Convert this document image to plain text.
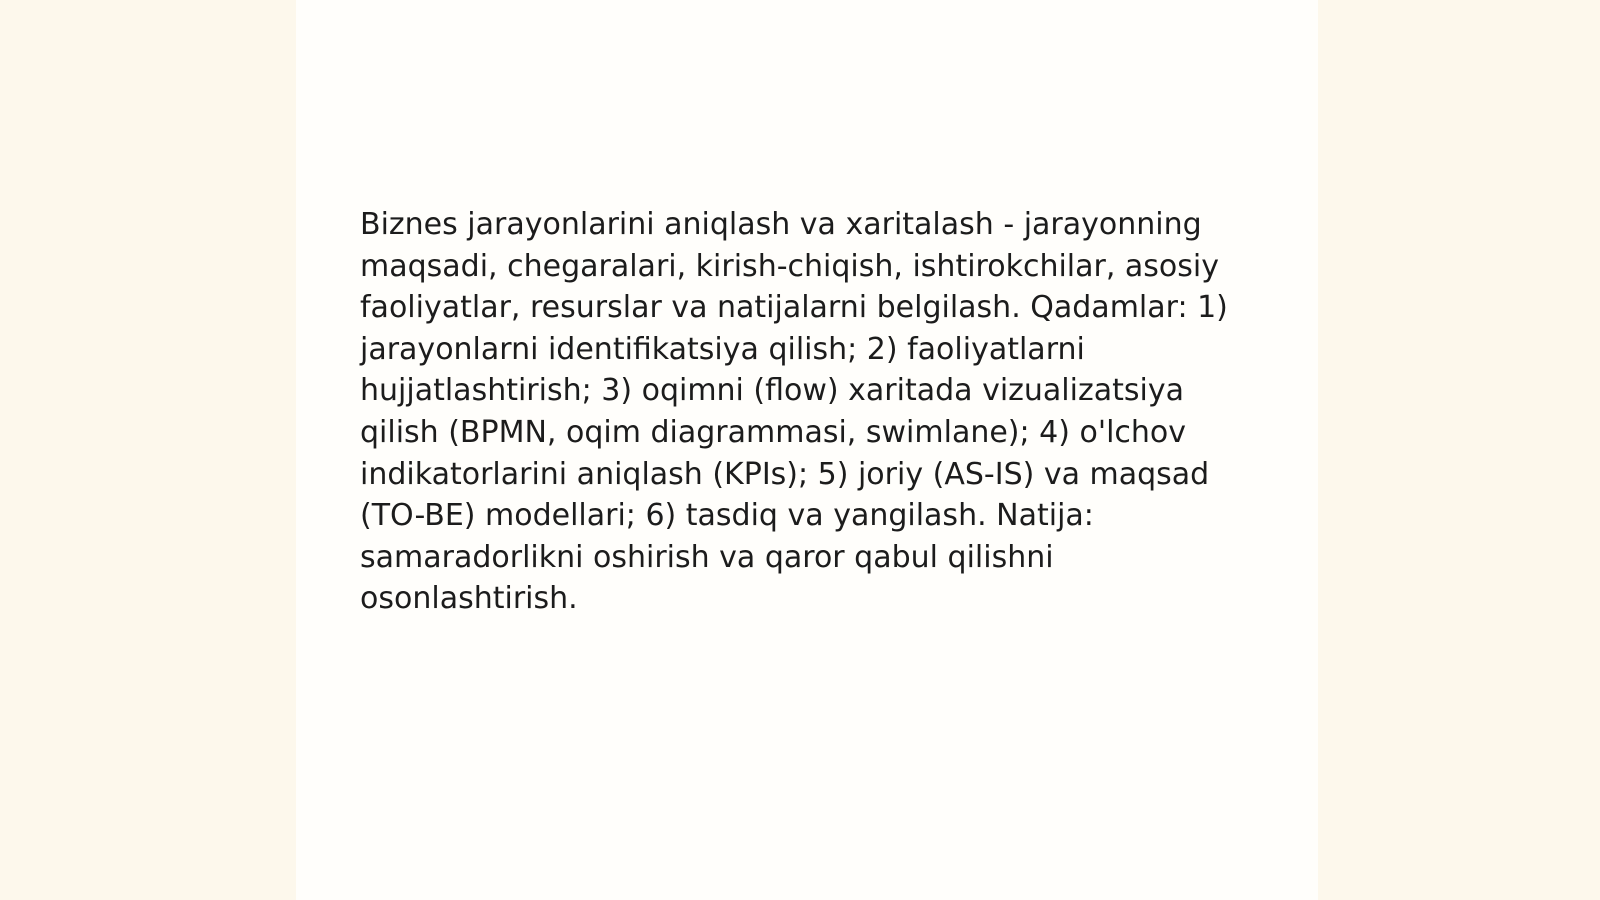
Biznes jarayonlarini aniqlash va xaritalash - jarayonning maqsadi, chegaralari, kirish-chiqish, ishtirokchilar, asosiy faoliyatlar, resurslar va natijalarni belgilash. Qadamlar: 1) jarayonlarni identifikatsiya qilish; 2) faoliyatlarni hujjatlashtirish; 3) oqimni (flow) xaritada vizualizatsiya qilish (BPMN, oqim diagrammasi, swimlane); 4) o'lchov indikatorlarini aniqlash (KPIs); 5) joriy (AS-IS) va maqsad (TO-BE) modellari; 6) tasdiq va yangilash. Natija: samaradorlikni oshirish va qaror qabul qilishni osonlashtirish.
